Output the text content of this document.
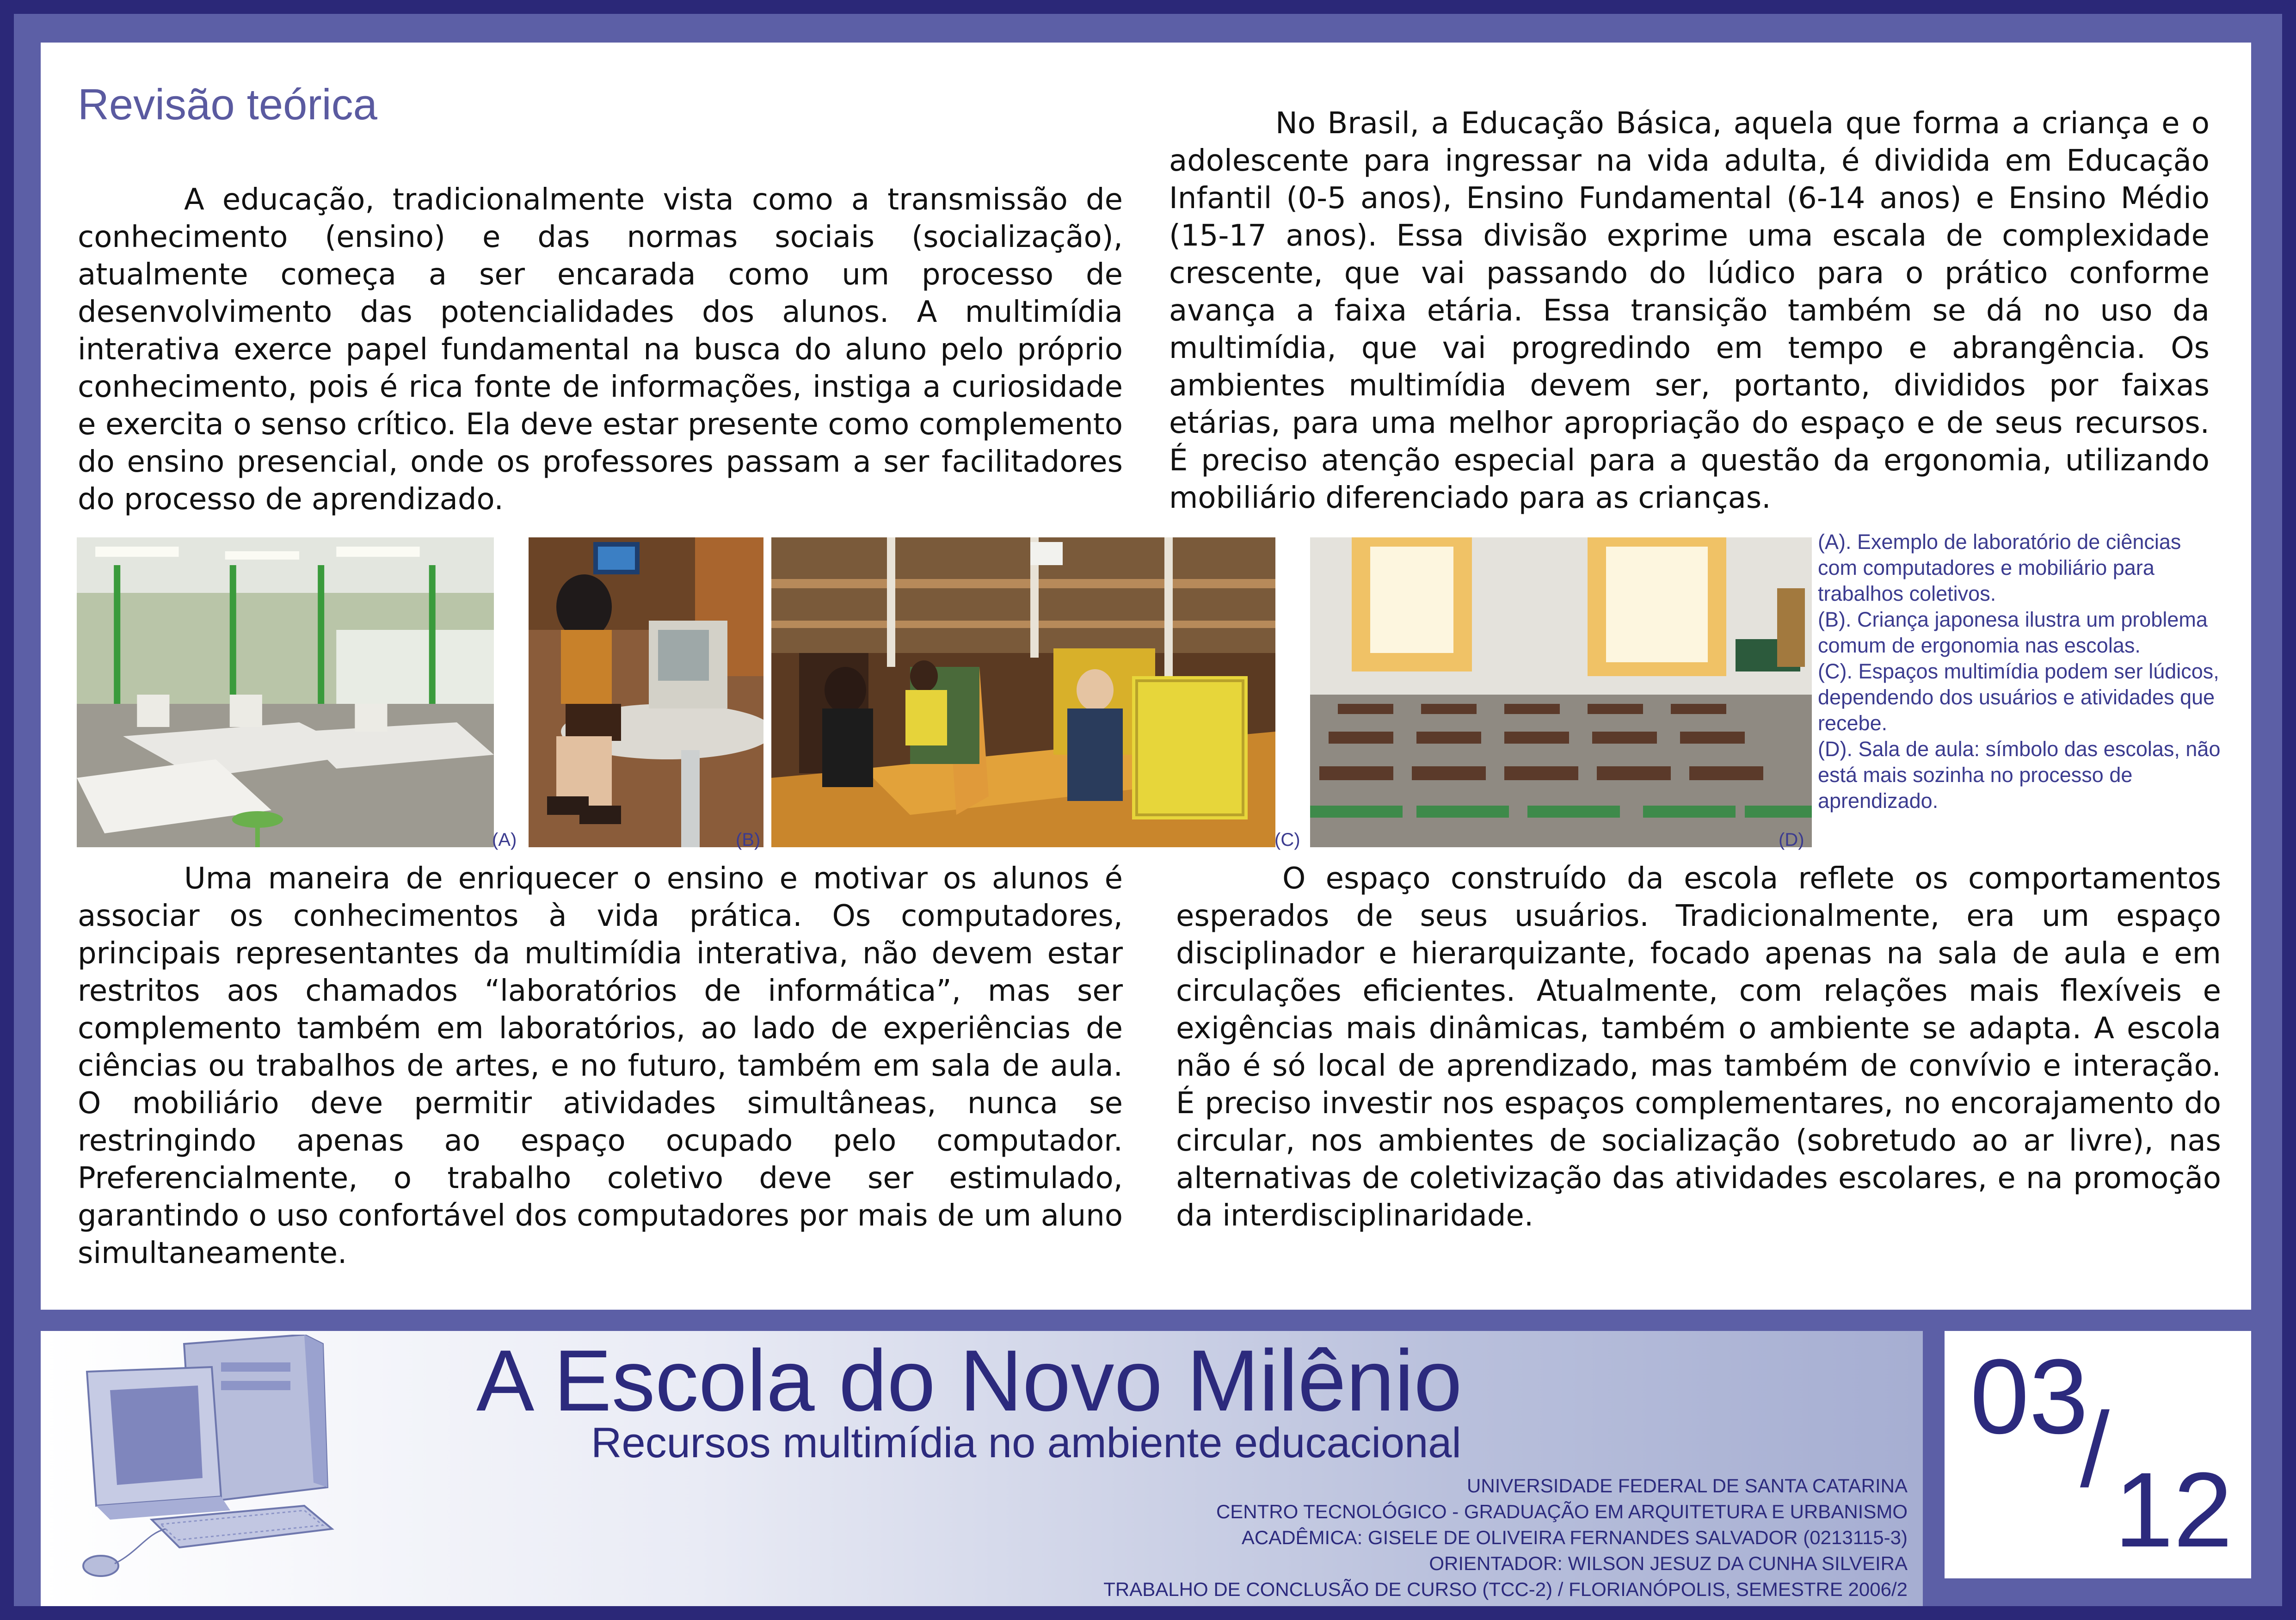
Revisão teórica

A educação, tradicionalmente vista como a transmissão de conhecimento (ensino) e das normas sociais (socialização), atualmente começa a ser encarada como um processo de desenvolvimento das potencialidades dos alunos. A multimídia interativa exerce papel fundamental na busca do aluno pelo próprio conhecimento, pois é rica fonte de informações, instiga a curiosidade e exercita o senso crítico. Ela deve estar presente como complemento do ensino presencial, onde os professores passam a ser facilitadores do processo de aprendizado.

No Brasil, a Educação Básica, aquela que forma a criança e o adolescente para ingressar na vida adulta, é dividida em Educação Infantil (0-5 anos), Ensino Fundamental (6-14 anos) e Ensino Médio (15-17 anos). Essa divisão exprime uma escala de complexidade crescente, que vai passando do lúdico para o prático conforme avança a faixa etária. Essa transição também se dá no uso da multimídia, que vai progredindo em tempo e abrangência. Os ambientes multimídia devem ser, portanto, divididos por faixas etárias, para uma melhor apropriação do espaço e de seus recursos. É preciso atenção especial para a questão da ergonomia, utilizando mobiliário diferenciado para as crianças.

Uma maneira de enriquecer o ensino e motivar os alunos é associar os conhecimentos à vida prática. Os computadores, principais representantes da multimídia interativa, não devem estar restritos aos chamados “laboratórios de informática”, mas ser complemento também em laboratórios, ao lado de experiências de ciências ou trabalhos de artes, e no futuro, também em sala de aula. O mobiliário deve permitir atividades simultâneas, nunca se restringindo apenas ao espaço ocupado pelo computador. Preferencialmente, o trabalho coletivo deve ser estimulado, garantindo o uso confortável dos computadores por mais de um aluno simultaneamente.

O espaço construído da escola reflete os comportamentos esperados de seus usuários. Tradicionalmente, era um espaço disciplinador e hierarquizante, focado apenas na sala de aula e em circulações eficientes. Atualmente, com relações mais flexíveis e exigências mais dinâmicas, também o ambiente se adapta. A escola não é só local de aprendizado, mas também de convívio e interação. É preciso investir nos espaços complementares, no encorajamento do circular, nos ambientes de socialização (sobretudo ao ar livre), nas alternativas de coletivização das atividades escolares, e na promoção da interdisciplinaridade.

(A)	(B)	(C)	(D)
(A). Exemplo de laboratório de ciências com computadores e mobiliário para trabalhos coletivos.
(B). Criança japonesa ilustra um problema comum de ergonomia nas escolas.
(C). Espaços multimídia podem ser lúdicos, dependendo dos usuários e atividades que recebe.
(D). Sala de aula: símbolo das escolas, não está mais sozinha no processo de aprendizado.
A Escola do Novo Milênio
Recursos multimídia no ambiente educacional
UNIVERSIDADE FEDERAL DE SANTA CATARINA
CENTRO TECNOLÓGICO - GRADUAÇÃO EM ARQUITETURA E URBANISMO
ACADÊMICA: GISELE DE OLIVEIRA FERNANDES SALVADOR (0213115-3)
ORIENTADOR: WILSON JESUZ DA CUNHA SILVEIRA
TRABALHO DE CONCLUSÃO DE CURSO (TCC-2) / FLORIANÓPOLIS, SEMESTRE 2006/2
03
/
12
